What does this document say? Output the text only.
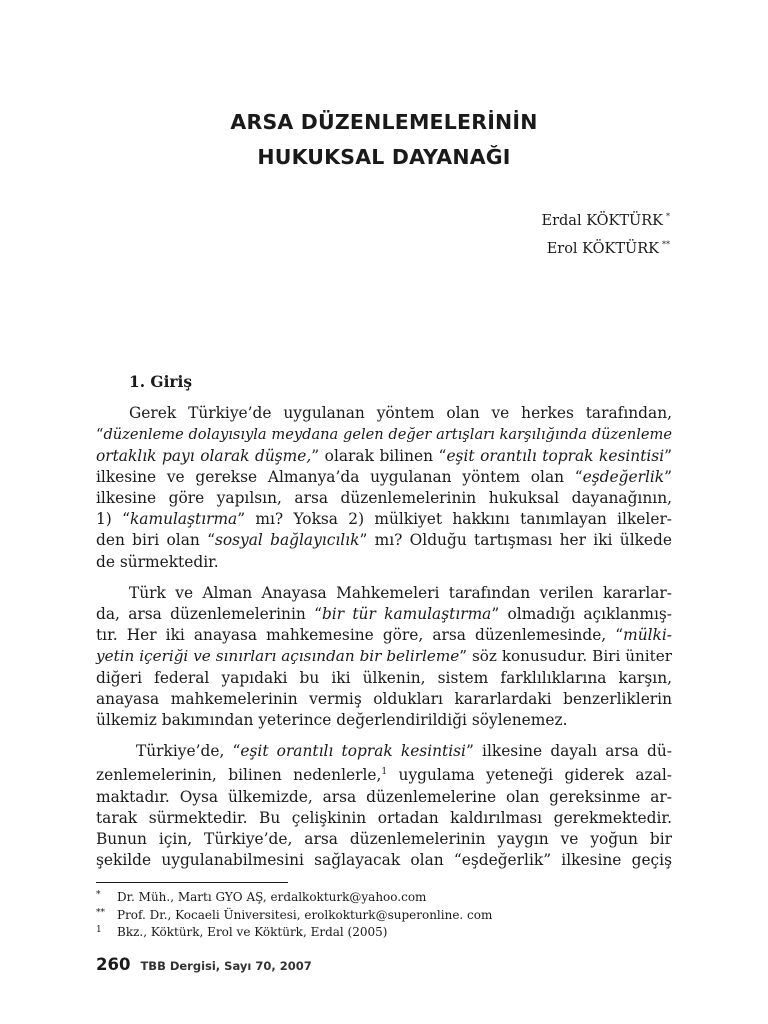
ARSA DÜZENLEMELERİNİN
HUKUKSAL DAYANAĞI
Erdal KÖKTÜRK *
Erol KÖKTÜRK **
1. Giriş

Gerek Türkiye’de uygulanan yöntem olan ve herkes tarafından,
“düzenleme dolayısıyla meydana gelen değer artışları karşılığında düzenleme
ortaklık payı olarak düşme,” olarak bilinen “eşit orantılı toprak kesintisi”
ilkesine ve gerekse Almanya’da uygulanan yöntem olan “eşdeğerlik”
ilkesine göre yapılsın, arsa düzenlemelerinin hukuksal dayanağının,
1) “kamulaştırma” mı? Yoksa 2) mülkiyet hakkını tanımlayan ilkeler-
den biri olan “sosyal bağlayıcılık” mı? Olduğu tartışması her iki ülkede
de sürmektedir.

Türk ve Alman Anayasa Mahkemeleri tarafından verilen kararlar-
da, arsa düzenlemelerinin “bir tür kamulaştırma” olmadığı açıklanmış-
tır. Her iki anayasa mahkemesine göre, arsa düzenlemesinde, “mülki-
yetin içeriği ve sınırları açısından bir belirleme” söz konusudur. Biri üniter
diğeri federal yapıdaki bu iki ülkenin, sistem farklılıklarına karşın,
anayasa mahkemelerinin vermiş oldukları kararlardaki benzerliklerin
ülkemiz bakımından yeterince değerlendirildiği söylenemez.

Türkiye’de, “eşit orantılı toprak kesintisi” ilkesine dayalı arsa dü-
zenlemelerinin, bilinen nedenlerle,$^1$ uygulama yeteneği giderek azal-
maktadır. Oysa ülkemizde, arsa düzenlemelerine olan gereksinme ar-
tarak sürmektedir. Bu çelişkinin ortadan kaldırılması gerekmektedir.
Bunun için, Türkiye’de, arsa düzenlemelerinin yaygın ve yoğun bir
şekilde uygulanabilmesini sağlayacak olan “eşdeğerlik” ilkesine geçiş

* Dr. Müh., Martı GYO AŞ, erdalkokturk@yahoo.com
** Prof. Dr., Kocaeli Üniversitesi, erolkokturk@superonline. com
1 Bkz., Köktürk, Erol ve Köktürk, Erdal (2005)
260 TBB Dergisi, Sayı 70, 2007
